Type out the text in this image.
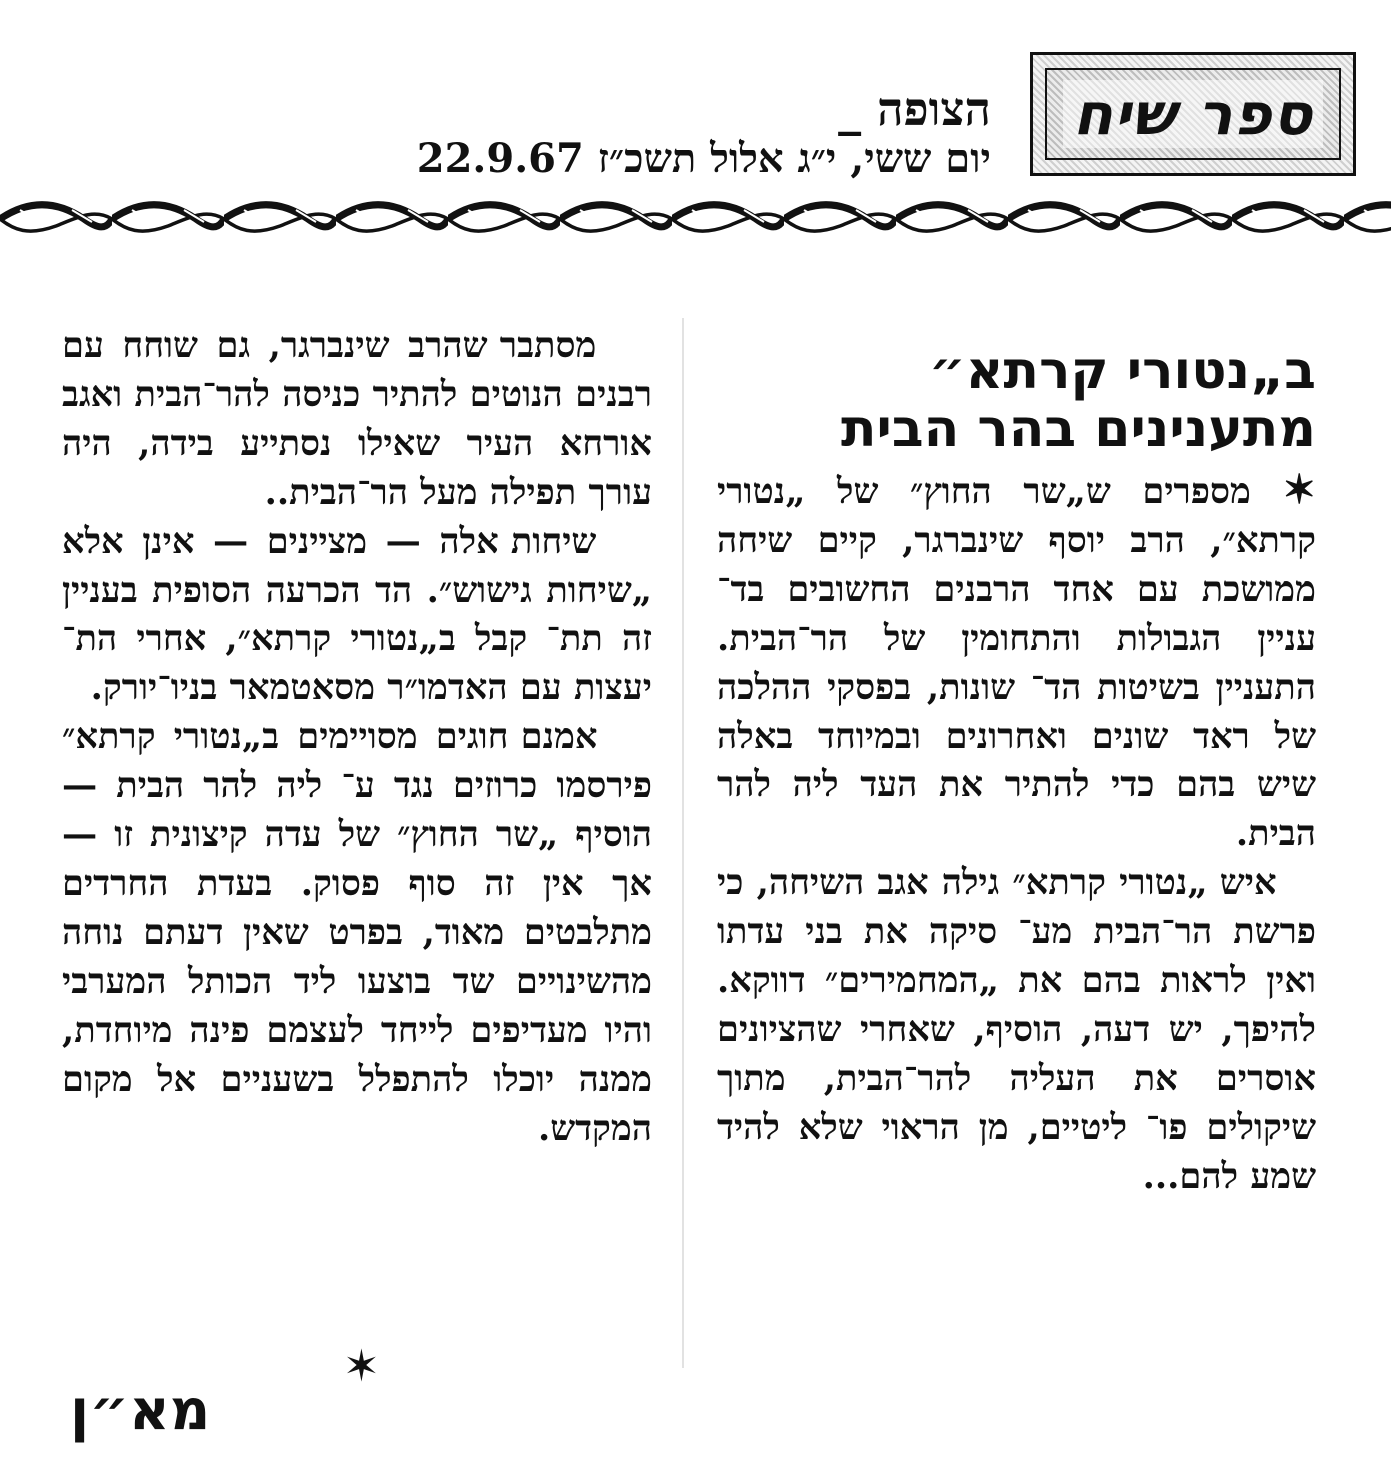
ספר שיח
הצופה _
יום ששי, י״ג אלול תשכ״ז 22.9.67
ב„נטורי קרתא״
מתענינים בהר הבית

✶ מספרים ש„שר החוץ״ של „נטורי קרתא״, הרב יוסף שינברגר, קיים שיחה ממושכת עם אחד הרבנים החשובים בד־ עניין הגבולות והתחומין של הר־הבית. התעניין בשיטות הד־ שונות, בפסקי ההלכה של ראד שונים ואחרונים ובמיוחד באלה שיש בהם כדי להתיר את העד ליה להר הבית.

איש „נטורי קרתא״ גילה אגב השיחה, כי פרשת הר־הבית מע־ סיקה את בני עדתו ואין לראות בהם את „המחמירים״ דווקא. להיפך, יש דעה, הוסיף, שאחרי שהציונים אוסרים את העליה להר־הבית, מתוך שיקולים פו־ ליטיים, מן הראוי שלא להיד שמע להם...

מסתבר שהרב שינברגר, גם שוחח עם רבנים הנוטים להתיר כניסה להר־הבית ואגב אורחא העיר שאילו נסתייע בידה, היה עורך תפילה מעל הר־הבית..

שיחות אלה — מציינים — אינן אלא „שיחות גישוש״. הד הכרעה הסופית בעניין זה תת־ קבל ב„נטורי קרתא״, אחרי הת־ יעצות עם האדמו״ר מסאטמאר בניו־יורק.

אמנם חוגים מסויימים ב„נטורי קרתא״ פירסמו כרוזים נגד ע־ ליה להר הבית — הוסיף „שר החוץ״ של עדה קיצונית זו — אך אין זה סוף פסוק. בעדת החרדים מתלבטים מאוד, בפרט שאין דעתם נוחה מהשינויים שד בוצעו ליד הכותל המערבי והיו מעדיפים לייחד לעצמם פינה מיוחדת, ממנה יוכלו להתפלל בשעניים אל מקום המקדש.

✶
מא״ן
